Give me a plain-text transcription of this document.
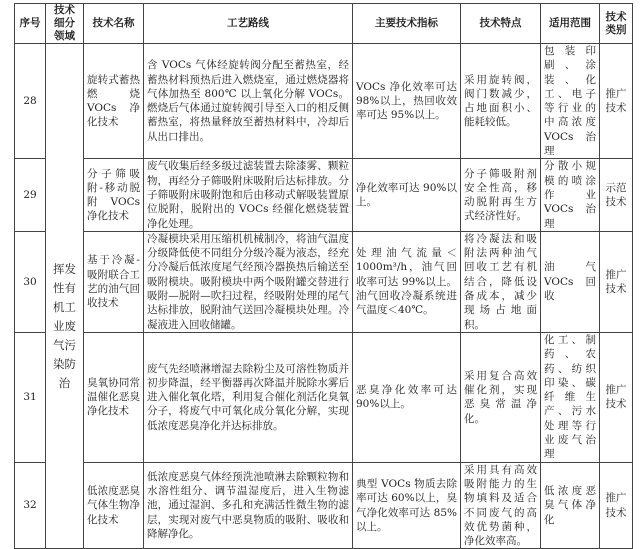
序号	技术细分领域	技术名称	工艺路线	主要技术指标	技术特点	适用范围	技术类别
28	挥发性有机工业废气污染防治	旋转式蓄热燃烧 VOCs 净化技术	含 VOCs 气体经旋转阀分配至蓄热室，经蓄热材料预热后进入燃烧室，通过燃烧器将气体加热至 800℃ 以上氧化分解 VOCs。燃烧后气体通过旋转阀引导至入口的相反侧蓄热室，将热量释放至蓄热材料中，冷却后从出口排出。	VOCs 净化效率可达 98%以上，热回收效率可达 95%以上。	采用旋转阀，阀门数减少，占地面积小、能耗较低。	包装印刷、涂装、化工、电子等行业的中高浓度 VOCs 治理	推广技术
29		分子筛吸附-移动脱附 VOCs 净化技术	废气收集后经多级过滤装置去除漆雾、颗粒物，再经分子筛吸附床吸附后达标排放。分子筛吸附床吸附饱和后由移动式解吸装置原位脱附，脱附出的 VOCs 经催化燃烧装置净化处理。	净化效率可达 90%以上。	分子筛吸附剂安全性高，移动脱附再生方式经济性好。	分散小规模的喷涂作业 VOCs 治理	示范技术
30		基于冷凝-吸附联合工艺的油气回收技术	冷凝模块采用压缩机机械制冷，将油气温度分级降低使不同组分分级冷凝为液态，经充分冷凝后低浓度尾气经预冷器换热后输送至吸附模块。吸附模块中两个吸附罐交替进行吸附—脱附—吹扫过程，经吸附处理的尾气达标排放，脱附油气送回冷凝模块处理。冷凝液进入回收储罐。	处理油气流量＜1000m³/h，油气回收率可达 99%以上。油气回收冷凝系统进气温度＜40℃。	将冷凝法和吸附法两种油气回收工艺有机结合，降低设备成本，减少现场占地面积。	油气 VOCs 回收	推广技术
31		臭氧协同常温催化恶臭净化技术	废气先经喷淋增湿去除粉尘及可溶性物质并初步降温，经平衡器再次降温并脱除水雾后进入催化氧化塔，利用复合催化剂活化臭氧分子，将废气中可氧化成分氧化分解，实现低浓度恶臭净化并达标排放。	恶臭净化效率可达 90%以上。	采用复合高效催化剂，实现恶臭常温净化。	化工、制药、农药、纺织印染、碳纤维生产、污水处理等行业废气治理	推广技术
32		低浓度恶臭气体生物净化技术	低浓度恶臭气体经预洗池喷淋去除颗粒物和水溶性组分、调节温湿度后，进入生物滤池，通过湿润、多孔和充满活性微生物的滤层，实现对废气中恶臭物质的吸附、吸收和降解净化。	典型 VOCs 物质去除率可达 60%以上，臭气净化效率可达 85%以上。	采用具有高效吸附能力的生物填料及适合不同废气的高效优势菌种，净化效率高。	低浓度恶臭气体净化	推广技术
